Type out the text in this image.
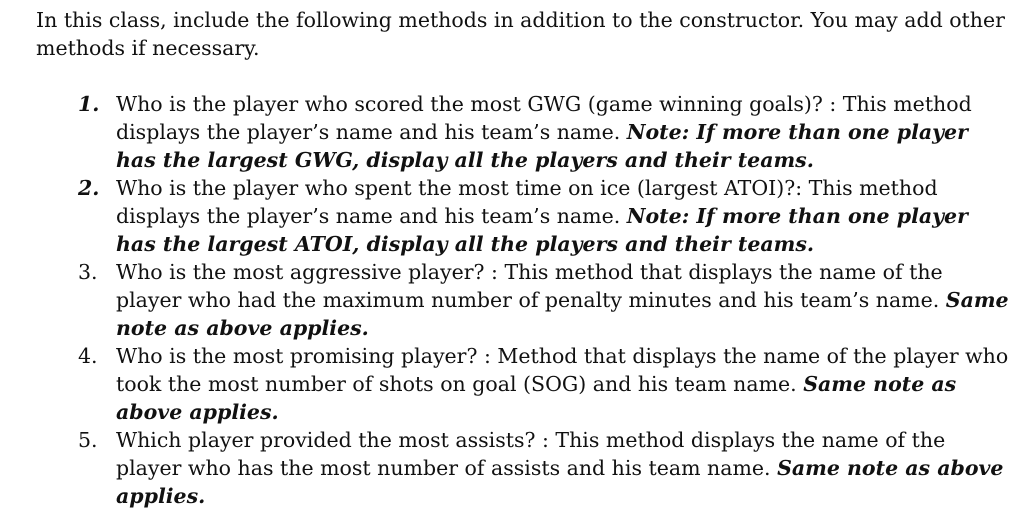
In this class, include the following methods in addition to the constructor. You may add other methods if necessary.

1. Who is the player who scored the most GWG (game winning goals)? : This method displays the player’s name and his team’s name. Note: If more than one player has the largest GWG, display all the players and their teams.
2. Who is the player who spent the most time on ice (largest ATOI)?: This method displays the player’s name and his team’s name. Note: If more than one player has the largest ATOI, display all the players and their teams.
3. Who is the most aggressive player? : This method that displays the name of the player who had the maximum number of penalty minutes and his team’s name. Same note as above applies.
4. Who is the most promising player? : Method that displays the name of the player who took the most number of shots on goal (SOG) and his team name. Same note as above applies.
5. Which player provided the most assists? : This method displays the name of the player who has the most number of assists and his team name. Same note as above applies.
